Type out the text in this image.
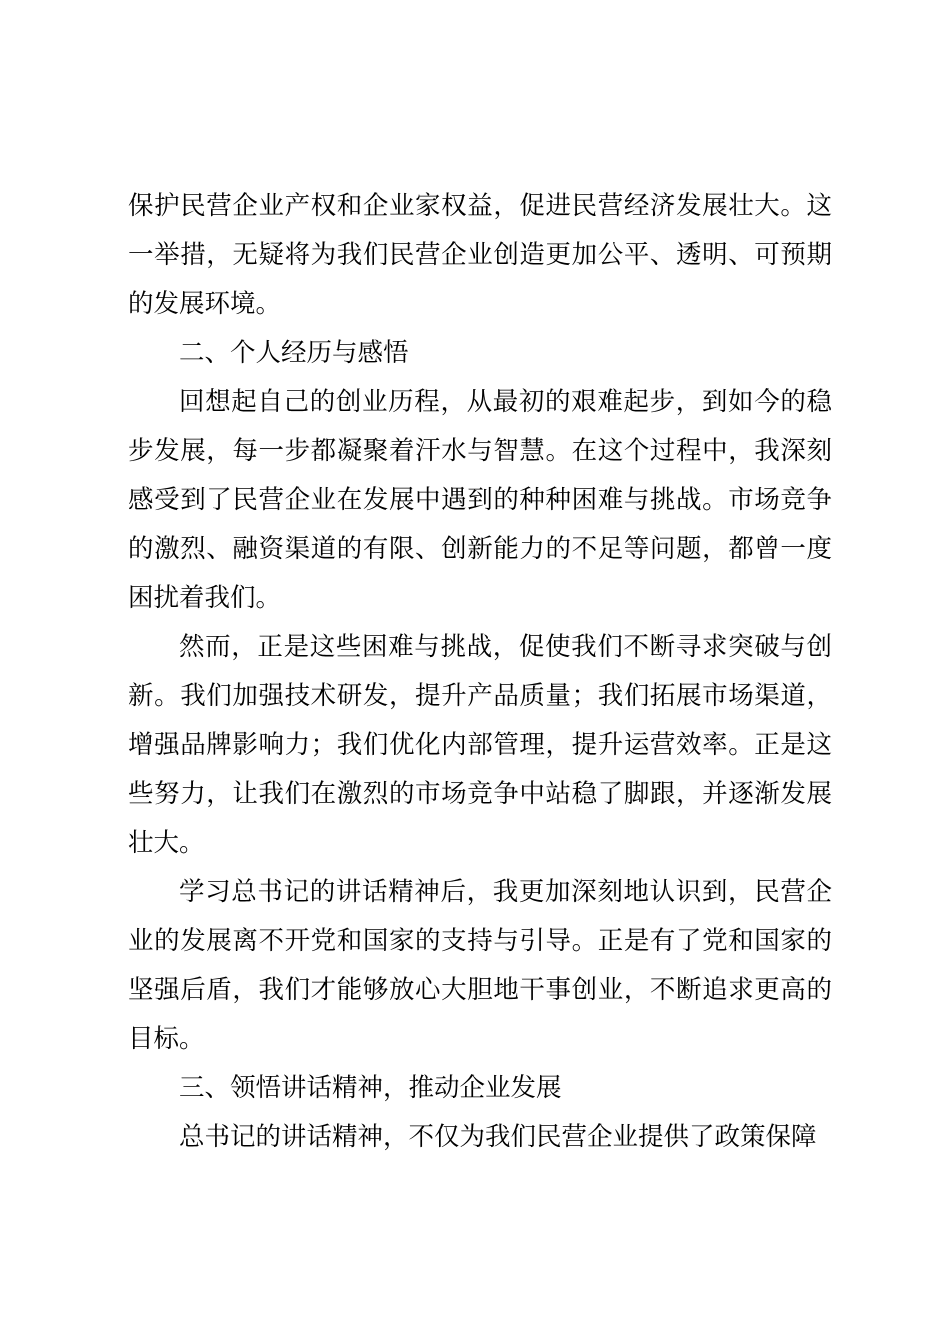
保护民营企业产权和企业家权益，促进民营经济发展壮大。这一举措，无疑将为我们民营企业创造更加公平、透明、可预期的发展环境。

二、个人经历与感悟

回想起自己的创业历程，从最初的艰难起步，到如今的稳步发展，每一步都凝聚着汗水与智慧。在这个过程中，我深刻感受到了民营企业在发展中遇到的种种困难与挑战。市场竞争的激烈、融资渠道的有限、创新能力的不足等问题，都曾一度困扰着我们。

然而，正是这些困难与挑战，促使我们不断寻求突破与创新。我们加强技术研发，提升产品质量；我们拓展市场渠道，增强品牌影响力；我们优化内部管理，提升运营效率。正是这些努力，让我们在激烈的市场竞争中站稳了脚跟，并逐渐发展壮大。

学习总书记的讲话精神后，我更加深刻地认识到，民营企业的发展离不开党和国家的支持与引导。正是有了党和国家的坚强后盾，我们才能够放心大胆地干事创业，不断追求更高的目标。

三、领悟讲话精神，推动企业发展

总书记的讲话精神，不仅为我们民营企业提供了政策保障
